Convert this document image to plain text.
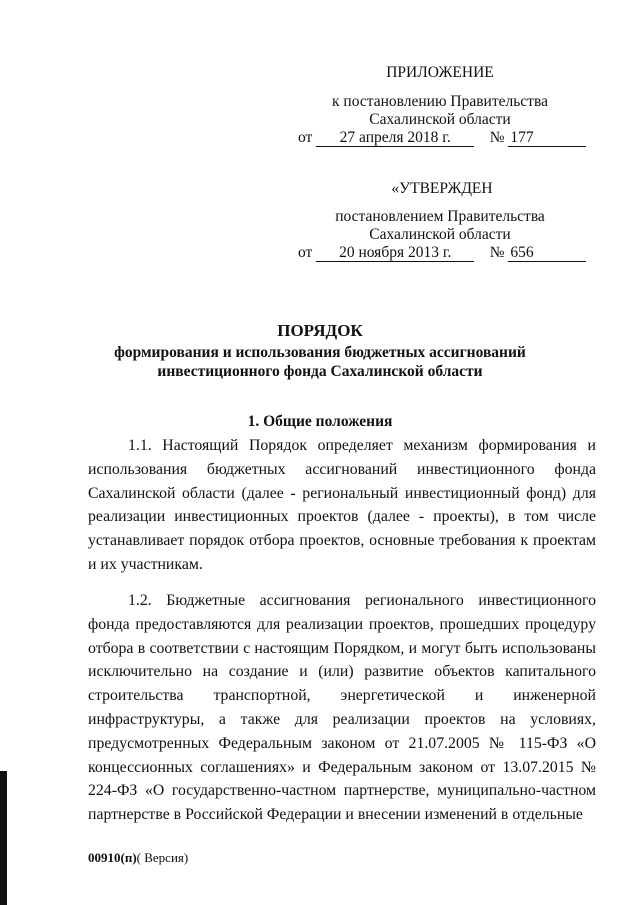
ПРИЛОЖЕНИЕ
к постановлению Правительства
Сахалинской области
от 27 апреля 2018 г.	№ 177
«УТВЕРЖДЕН
постановлением Правительства
Сахалинской области
от 20 ноября 2013 г. № 656
ПОРЯДОК
формирования и использования бюджетных ассигнований
инвестиционного фонда Сахалинской области
1. Общие положения
1.1. Настоящий Порядок определяет механизм формирования и использования бюджетных ассигнований инвестиционного фонда Сахалинской области (далее - региональный инвестиционный фонд) для реализации инвестиционных проектов (далее - проекты), в том числе устанавливает порядок отбора проектов, основные требования к проектам и их участникам.
1.2. Бюджетные ассигнования регионального инвестиционного фонда предоставляются для реализации проектов, прошедших процедуру отбора в соответствии с настоящим Порядком, и могут быть использованы исключительно на создание и (или) развитие объектов капитального строительства транспортной, энергетической и инженерной инфраструктуры, а также для реализации проектов на условиях, предусмотренных Федеральным законом от 21.07.2005 № 115-ФЗ «О концессионных соглашениях» и Федеральным законом от 13.07.2015 № 224-ФЗ «О государственно-частном партнерстве, муниципально-частном партнерстве в Российской Федерации и внесении изменений в отдельные
00910(п)( Версия)
